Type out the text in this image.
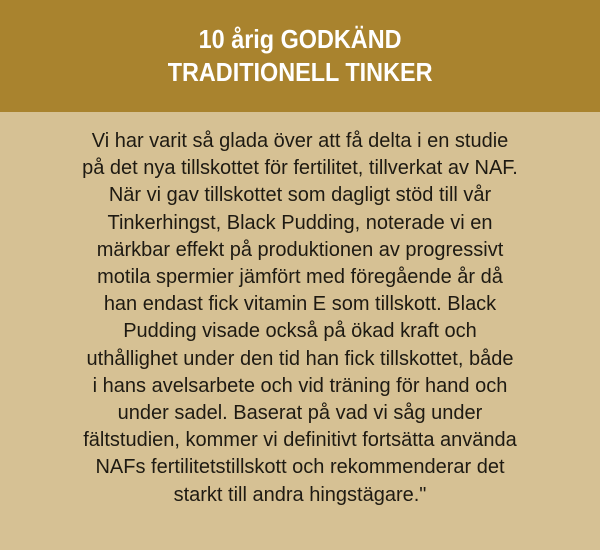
10 årig GODKÄND
TRADITIONELL TINKER

Vi har varit så glada över att få delta i en studie
på det nya tillskottet för fertilitet, tillverkat av NAF.
När vi gav tillskottet som dagligt stöd till vår
Tinkerhingst, Black Pudding, noterade vi en
märkbar effekt på produktionen av progressivt
motila spermier jämfört med föregående år då
han endast fick vitamin E som tillskott. Black
Pudding visade också på ökad kraft och
uthållighet under den tid han fick tillskottet, både
i hans avelsarbete och vid träning för hand och
under sadel. Baserat på vad vi såg under
fältstudien, kommer vi definitivt fortsätta använda
NAFs fertilitetstillskott och rekommenderar det
starkt till andra hingstägare."
